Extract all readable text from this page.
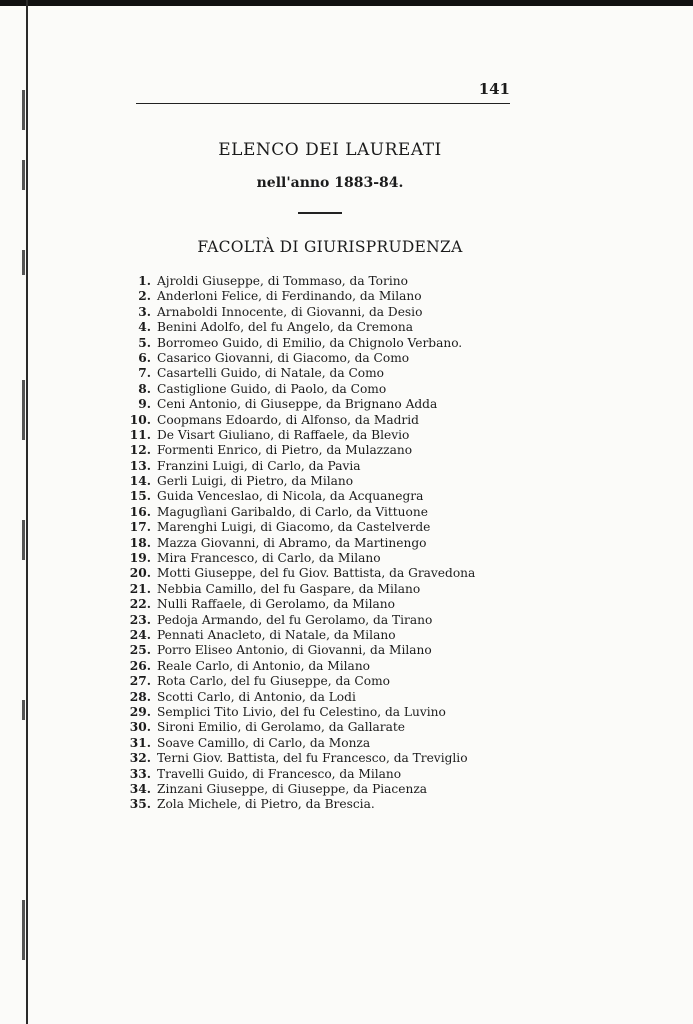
141
ELENCO DEI LAUREATI
nell'anno 1883-84.
FACOLTÀ DI GIURISPRUDENZA
1. Ajroldi Giuseppe, di Tommaso, da Torino
2. Anderloni Felice, di Ferdinando, da Milano
3. Arnaboldi Innocente, di Giovanni, da Desio
4. Benini Adolfo, del fu Angelo, da Cremona
5. Borromeo Guido, di Emilio, da Chignolo Verbano.
6. Casarico Giovanni, di Giacomo, da Como
7. Casartelli Guido, di Natale, da Como
8. Castiglione Guido, di Paolo, da Como
9. Ceni Antonio, di Giuseppe, da Brignano Adda
10. Coopmans Edoardo, di Alfonso, da Madrid
11. De Visart Giuliano, di Raffaele, da Blevio
12. Formenti Enrico, di Pietro, da Mulazzano
13. Franzini Luigi, di Carlo, da Pavia
14. Gerli Luigi, di Pietro, da Milano
15. Guida Venceslao, di Nicola, da Acquanegra
16. Maguglìani Garibaldo, di Carlo, da Vittuone
17. Marenghi Luigi, di Giacomo, da Castelverde
18. Mazza Giovanni, di Abramo, da Martinengo
19. Mira Francesco, di Carlo, da Milano
20. Motti Giuseppe, del fu Giov. Battista, da Gravedona
21. Nebbia Camillo, del fu Gaspare, da Milano
22. Nulli Raffaele, di Gerolamo, da Milano
23. Pedoja Armando, del fu Gerolamo, da Tirano
24. Pennati Anacleto, di Natale, da Milano
25. Porro Eliseo Antonio, di Giovanni, da Milano
26. Reale Carlo, di Antonio, da Milano
27. Rota Carlo, del fu Giuseppe, da Como
28. Scotti Carlo, di Antonio, da Lodi
29. Semplici Tito Livio, del fu Celestino, da Luvino
30. Sironi Emilio, di Gerolamo, da Gallarate
31. Soave Camillo, di Carlo, da Monza
32. Terni Giov. Battista, del fu Francesco, da Treviglio
33. Travelli Guido, di Francesco, da Milano
34. Zinzani Giuseppe, di Giuseppe, da Piacenza
35. Zola Michele, di Pietro, da Brescia.
